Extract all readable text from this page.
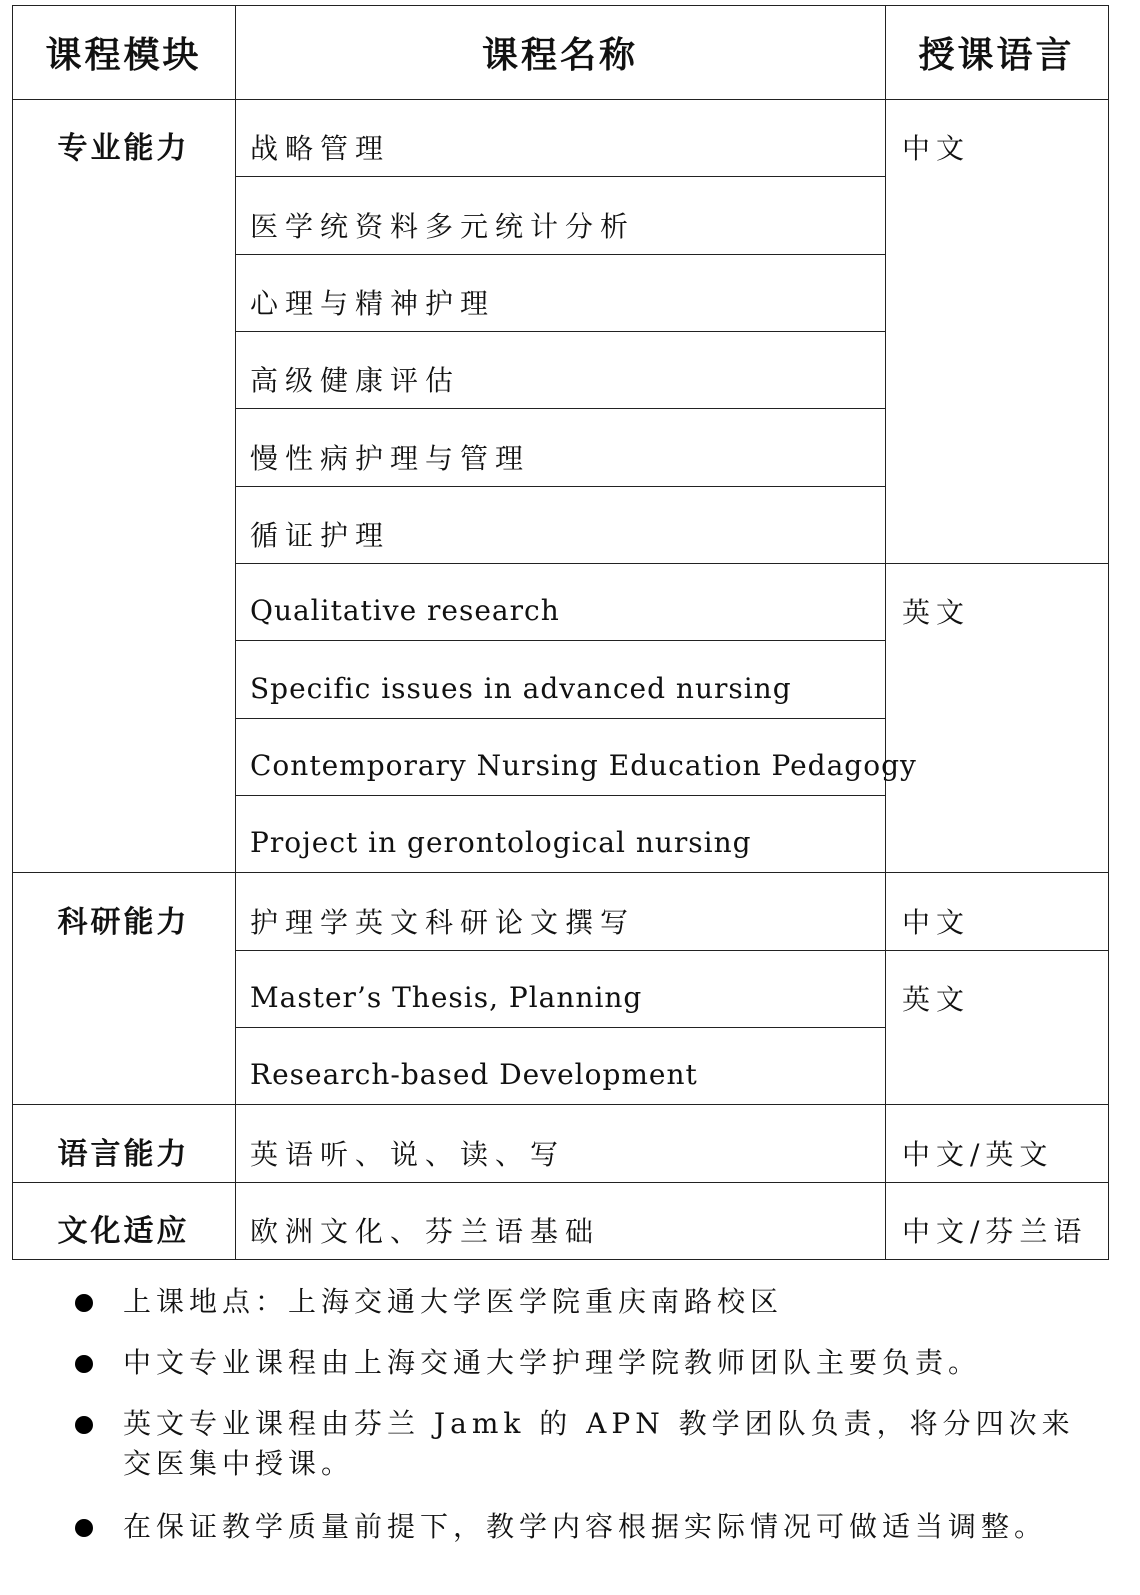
课程模块	课程名称	授课语言
专业能力
科研能力
语言能力
文化适应
战略管理
医学统资料多元统计分析
心理与精神护理
高级健康评估
慢性病护理与管理
循证护理
Qualitative research
Specific issues in advanced nursing
Contemporary Nursing Education Pedagogy
Project in gerontological nursing
护理学英文科研论文撰写
Master’s Thesis, Planning
Research-based Development
英语听、说、读、写
欧洲文化、芬兰语基础
中文
英文
中文
英文
中文/英文
中文/芬兰语
上课地点：上海交通大学医学院重庆南路校区
中文专业课程由上海交通大学护理学院教师团队主要负责。
英文专业课程由芬兰 Jamk 的 APN 教学团队负责，将分四次来交医集中授课。
在保证教学质量前提下，教学内容根据实际情况可做适当调整。
